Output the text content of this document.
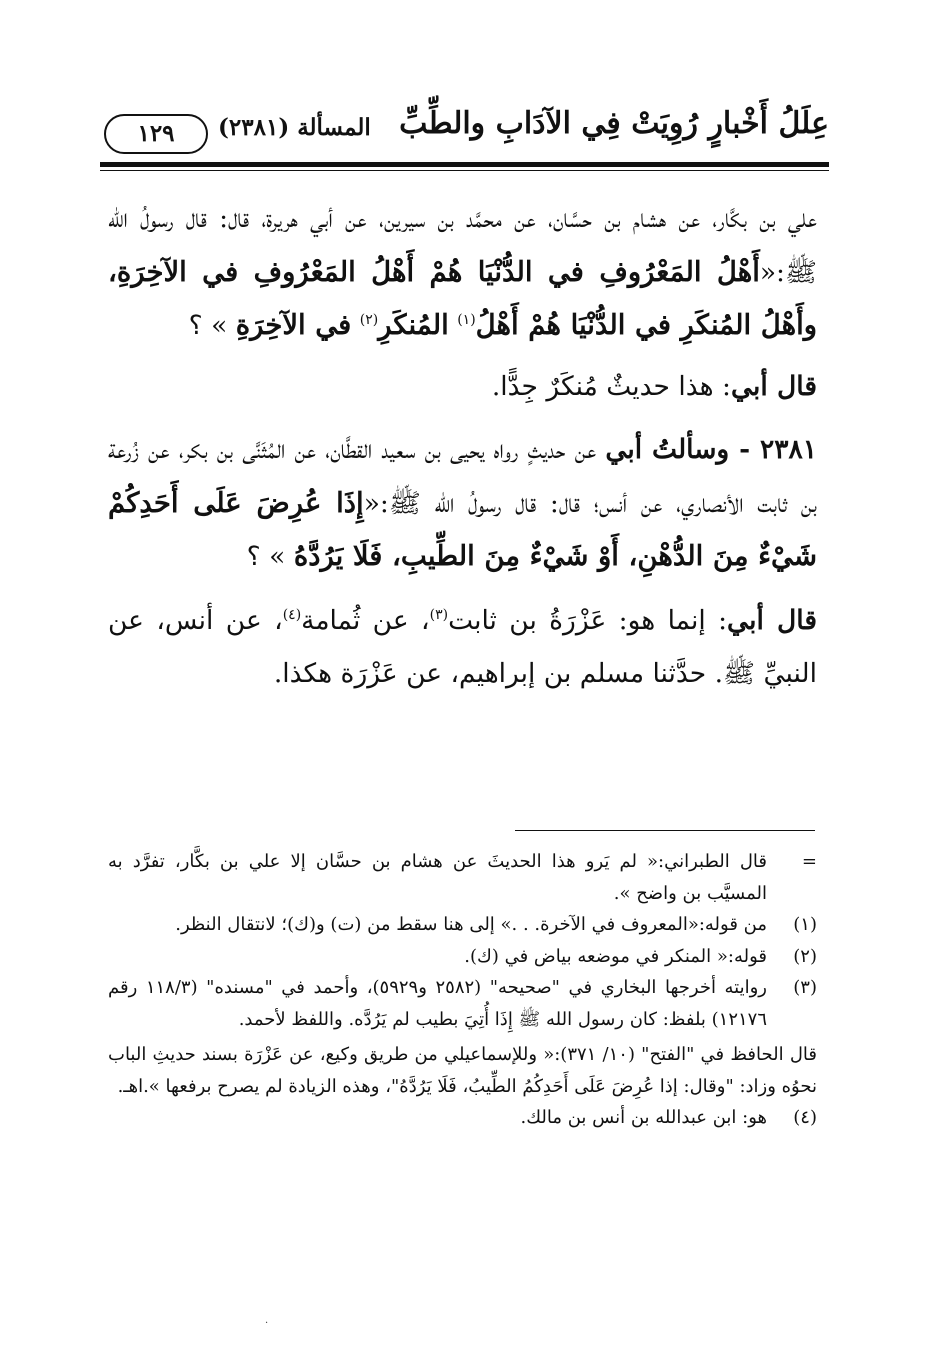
عِلَلُ أَخْبارٍ رُوِيَتْ فِي الآدَابِ والطِّبِّ
المسألة (٢٣٨١)
١٢٩

علي بن بكَّار، عن هشام بن حسَّان، عن محمَّد بن سيرين، عن أبي هريرة، قال: قال رسولُ الله ﷺ:«أَهْلُ المَعْرُوفِ في الدُّنْيَا هُمْ أَهْلُ المَعْرُوفِ في الآخِرَةِ، وأَهْلُ المُنكَرِ في الدُّنْيَا هُمْ أَهْلُ$^{(١)}$ المُنكَرِ$^{(٢)}$ في الآخِرَةِ » ؟

قال أبي: هذا حديثٌ مُنكَرٌ جِدًّا.

٢٣٨١ - وسألتُ أبي عن حديثٍ رواه يحيى بن سعيد القطَّان، عن المُثَنَّى بن بكر، عن زُرعة بن ثابت الأنصاري، عن أنس؛ قال: قال رسولُ الله ﷺ:«إِذَا عُرِضَ عَلَى أَحَدِكُمْ شَيْءٌ مِنَ الدُّهْنِ، أَوْ شَيْءٌ مِنَ الطِّيبِ، فَلَا يَرُدَّهُ » ؟

قال أبي: إنما هو: عَزْرَةُ بن ثابت$^{(٣)}$، عن ثُمامة$^{(٤)}$، عن أنس، عن النبيِّ ﷺ. حدَّثنا مسلم بن إبراهيم، عن عَزْرَة هكذا.

=
قال الطبراني:« لم يَرو هذا الحديثَ عن هشام بن حسَّان إلا علي بن بكَّار، تفرَّد به المسيَّب بن واضح ».
(١)
من قوله:«المعروف في الآخرة. . .» إلى هنا سقط من (ت) و(ك)؛ لانتقال النظر.
(٢)
قوله:« المنكر في موضعه بياض في (ك).
(٣)
روايته أخرجها البخاري في "صحيحه" (٢٥٨٢ و٥٩٢٩)، وأحمد في "مسنده" (١١٨/٣ رقم ١٢١٧٦) بلفظ: كان رسول الله ﷺ إِذَا أُتِيَ بطيب لم يَرُدَّه. واللفظ لأحمد.
قال الحافظ في "الفتح" (١٠/ ٣٧١):« وللإسماعيلي من طريق وكيع، عن عَزْرَة بسند حديثِ الباب نحوُه وزاد: "وقال: إذا عُرِضَ عَلَى أَحَدِكُمُ الطِّيبُ، فَلَا يَرُدَّهُ"، وهذه الزيادة لم يصرح برفعها ».اهـ.
(٤)
هو: ابن عبدالله بن أنس بن مالك.
·
